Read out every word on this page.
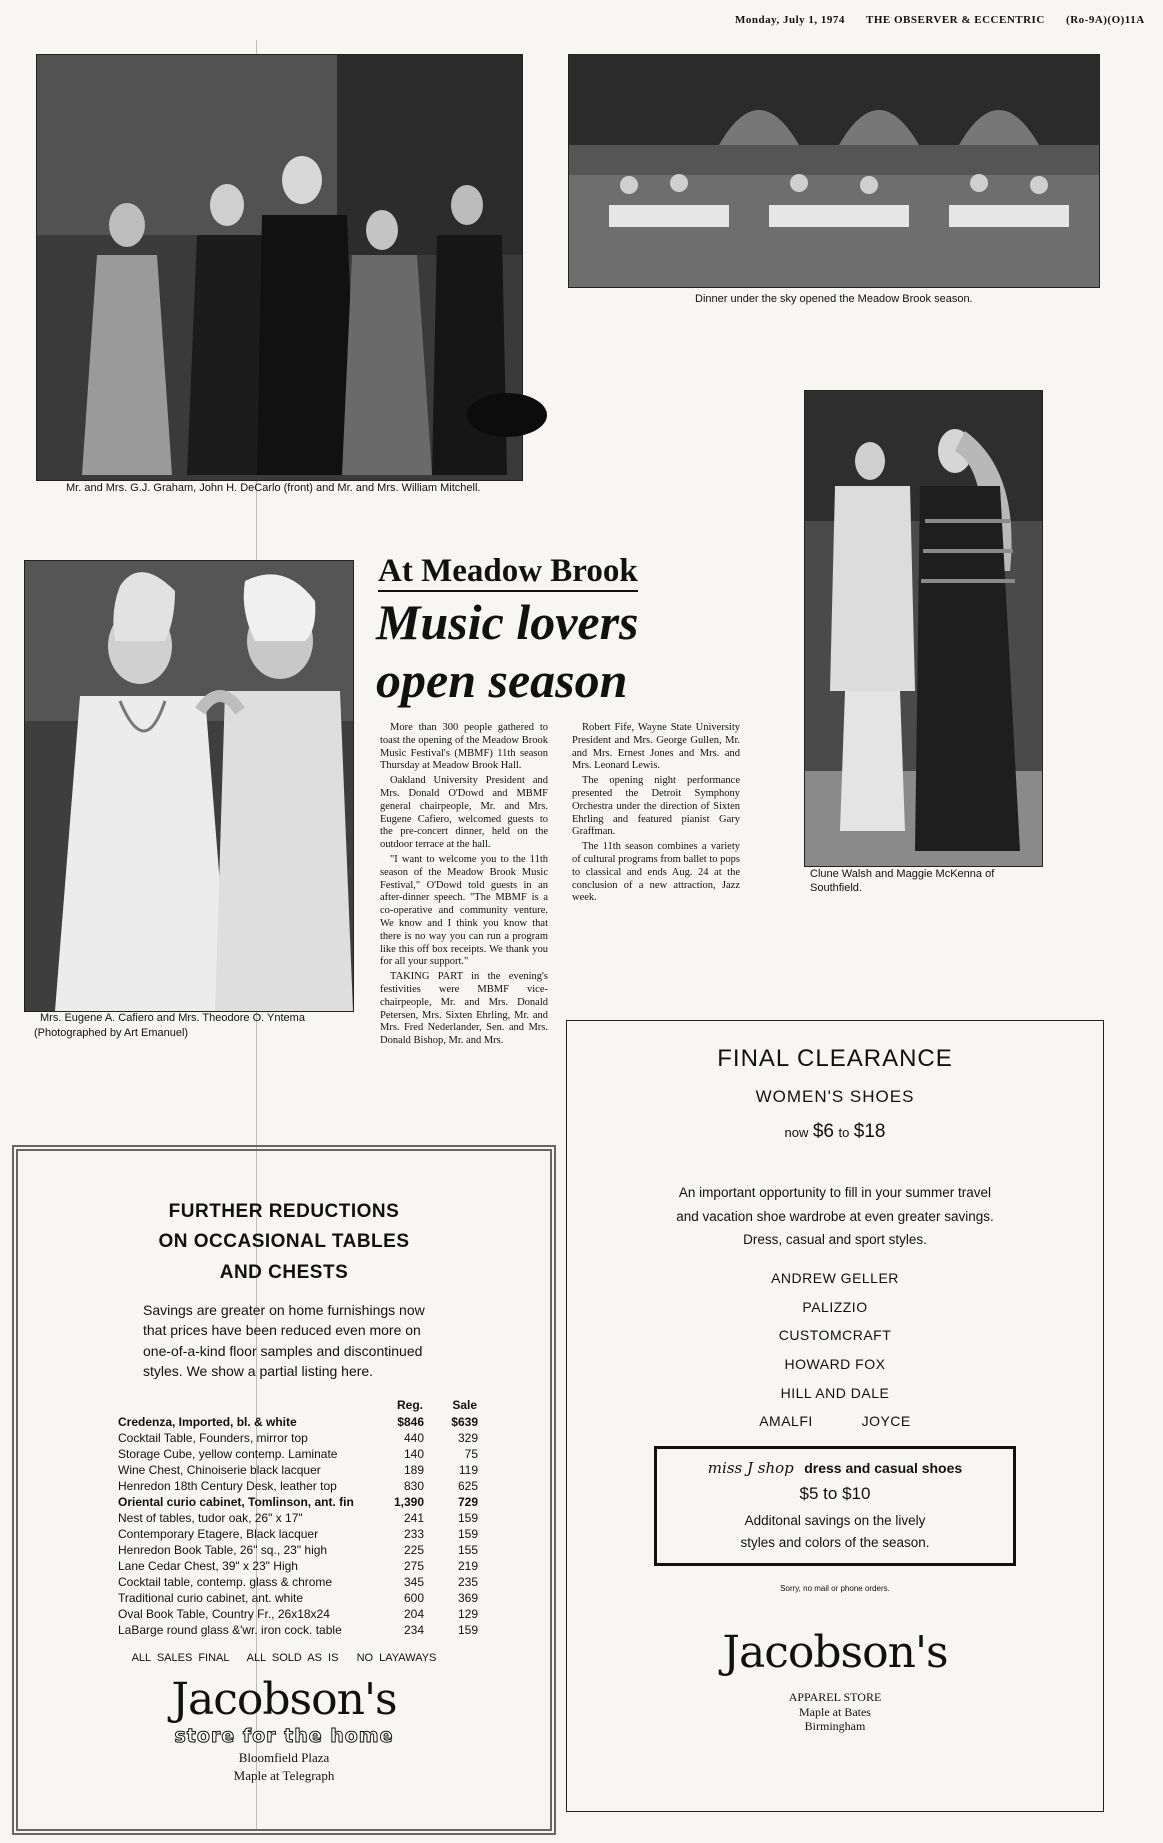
Monday, July 1, 1974 THE OBSERVER & ECCENTRIC (Ro-9A)(O)11A
Mr. and Mrs. G.J. Graham, John H. DeCarlo (front) and Mr. and Mrs. William Mitchell.
Dinner under the sky opened the Meadow Brook season.
Clune Walsh and Maggie McKenna of Southfield.
Mrs. Eugene A. Cafiero and Mrs. Theodore O. Yntema
(Photographed by Art Emanuel)
At Meadow Brook
Music lovers
open season

More than 300 people gathered to toast the opening of the Meadow Brook Music Festival's (MBMF) 11th season Thursday at Meadow Brook Hall.

Oakland University President and Mrs. Donald O'Dowd and MBMF general chairpeople, Mr. and Mrs. Eugene Cafiero, welcomed guests to the pre-concert dinner, held on the outdoor terrace at the hall.

"I want to welcome you to the 11th season of the Meadow Brook Music Festival," O'Dowd told guests in an after-dinner speech. "The MBMF is a co-operative and community venture. We know and I think you know that there is no way you can run a program like this off box receipts. We thank you for all your support."

TAKING PART in the evening's festivities were MBMF vice-chairpeople, Mr. and Mrs. Donald Petersen, Mrs. Sixten Ehrling, Mr. and Mrs. Fred Nederlander, Sen. and Mrs. Donald Bishop, Mr. and Mrs.

Robert Fife, Wayne State University President and Mrs. George Gullen, Mr. and Mrs. Ernest Jones and Mrs. and Mrs. Leonard Lewis.

The opening night performance presented the Detroit Symphony Orchestra under the direction of Sixten Ehrling and featured pianist Gary Graffman.

The 11th season combines a variety of cultural programs from ballet to pops to classical and ends Aug. 24 at the conclusion of a new attraction, Jazz week.

FURTHER REDUCTIONS
ON OCCASIONAL TABLES
AND CHESTS
Savings are greater on home furnishings now that prices have been reduced even more on one-of-a-kind floor samples and discontinued styles. We show a partial listing here.
	Reg.	Sale
Credenza, Imported, bl. & white	$846	$639
Cocktail Table, Founders, mirror top	440	329
Storage Cube, yellow contemp. Laminate	140	75
Wine Chest, Chinoiserie black lacquer	189	119
Henredon 18th Century Desk, leather top	830	625
Oriental curio cabinet, Tomlinson, ant. fin	1,390	729
Nest of tables, tudor oak, 26" x 17"	241	159
Contemporary Etagere, Black lacquer	233	159
Henredon Book Table, 26" sq., 23" high	225	155
Lane Cedar Chest, 39" x 23" High	275	219
Cocktail table, contemp. glass & chrome	345	235
Traditional curio cabinet, ant. white	600	369
Oval Book Table, Country Fr., 26x18x24	204	129
LaBarge round glass &'wr. iron cock. table	234	159
ALL SALES FINAL   ALL SOLD AS IS   NO LAYAWAYS
Jacobson's
store for the home
Bloomfield Plaza
Maple at Telegraph
FINAL CLEARANCE
WOMEN'S SHOES
now $6 to $18
An important opportunity to fill in your summer travel
and vacation shoe wardrobe at even greater savings.
Dress, casual and sport styles.
ANDREW GELLER
PALIZZIO
CUSTOMCRAFT
HOWARD FOX
HILL AND DALE
AMALFI	JOYCE
miss J shop dress and casual shoes
$5 to $10
Additonal savings on the lively
styles and colors of the season.
Sorry, no mail or phone orders.
Jacobson's
APPAREL STORE
Maple at Bates
Birmingham
